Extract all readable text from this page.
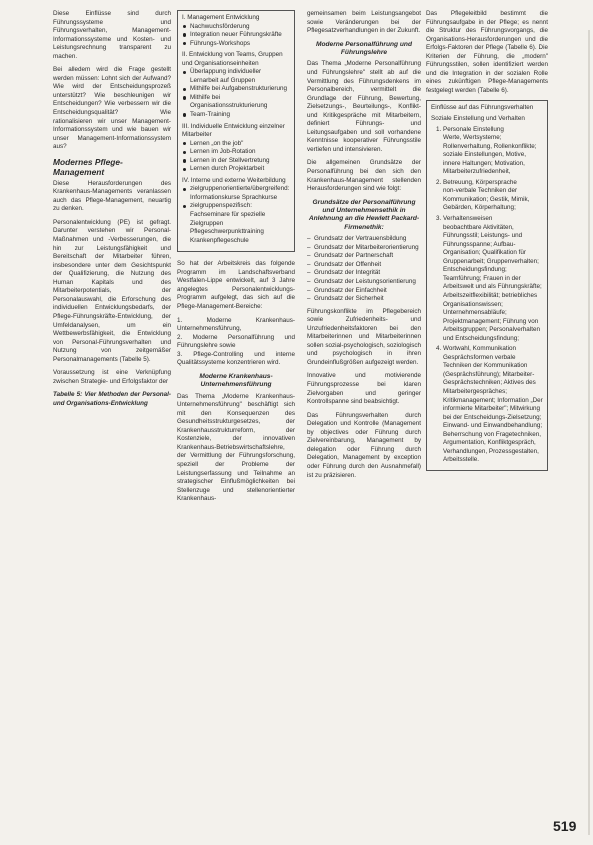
Diese Einflüsse sind durch Führungssysteme und Führungsverhalten, Management-Informationssysteme und Kosten- und Leistungsrechnung transparent zu machen.

Bei alledem wird die Frage gestellt werden müssen: Lohnt sich der Aufwand? Wie wird der Entscheidungsprozeß unterstützt? Wie beschleunigen wir Entscheidungen? Wie verbessern wir die Entscheidungsqualität? Wie rationalisieren wir unser Management-Informationssystem und wie bauen wir unser Management-Informationssystem aus?

Modernes Pflege-Management

Diese Herausforderungen des Krankenhaus-Managements veranlassen auch das Pflege-Management, neuartig zu denken.

Personalentwicklung (PE) ist gefragt. Darunter verstehen wir Personal-Maßnahmen und -Verbesserungen, die hin zur Leistungsfähigkeit und Bereitschaft der Mitarbeiter führen, insbesondere unter dem Gesichtspunkt der Qualifizierung, die Nutzung des Human Kapitals und des Mitarbeiterpotentials, der Personalauswahl, die Erforschung des individuellen Entwicklungsbedarfs, der Pflege-Führungskräfte-Entwicklung, der Umfeldanalysen, um ein Wettbewerbsfähigkeit, die Entwicklung von Personal-Führungsverhalten und Nutzung von zeitgemäßer Personalmanagements (Tabelle 5).

Voraussetzung ist eine Verknüpfung zwischen Strategie- und Erfolgsfaktor der

Tabelle 5: Vier Methoden der Personal- und Organisations-Entwicklung

I. Management Entwicklung
Nachwuchsförderung
Integration neuer Führungskräfte
Führungs-Workshops
II. Entwicklung von Teams, Gruppen und Organisationseinheiten
Überlappung individueller Lernarbeit auf Gruppen
Mithilfe bei Aufgabenstrukturierung
Mithilfe bei Organisationsstrukturierung
Team-Training
III. Individuelle Entwicklung einzelner Mitarbeiter
Lernen „on the job"
Lernen im Job-Rotation
Lernen in der Stellvertretung
Lernen durch Projektarbeit
IV. Interne und externe Weiterbildung
zielgruppenorientierte/übergreifend: Informationskurse Sprachkurse
zielgruppenspezifisch: Fachseminare für spezielle Zielgruppen Pflegeschwerpunkttraining Krankenpflegeschule

So hat der Arbeitskreis das folgende Programm im Landschaftsverband Westfalen-Lippe entwickelt, auf 3 Jahre angelegtes Personalentwicklungs-Programm aufgelegt, das sich auf die Pflege-Management-Bereiche:

1. Moderne Krankenhaus-Unternehmensführung,

2. Moderne Personalführung und Führungslehre sowie

3. Pflege-Controlling und interne Qualitätssysteme konzentrieren wird.

Moderne Krankenhaus-Unternehmensführung

Das Thema „Moderne Krankenhaus-Unternehmensführung" beschäftigt sich mit den Konsequenzen des Gesundheitsstrukturgesetzes, der Krankenhausstrukturreform, der Kostenziele, der innovativen Krankenhaus-Betriebswirtschaftslehre, der Vermittlung der Führungsforschung, speziell der Probleme der Leistungserfassung und Teilnahme an strategischer Einflußmöglichkeiten bei Stellenzuge und stellenorientierter Krankenhaus-

gemeinsamen beim Leistungsangebot sowie Veränderungen bei der Pflegesatzverhandlungen in der Zukunft.

Moderne Personalführung und Führungslehre

Das Thema „Moderne Personalführung und Führungslehre" stellt ab auf die Vermittlung des Führungsdenkens im Personalbereich, vermittelt die Grundlage der Führung, Bewertung, Zielsetzungs-, Beurteilungs-, Konflikt- und Kritikgespräche mit Mitarbeitern, definiert Führungs- und Leitungsaufgaben und soll vorhandene Kenntnisse kooperativer Führungsstile vertiefen und intensivieren.

Die allgemeinen Grundsätze der Personalführung bei den sich den Krankenhaus-Management stellenden Herausforderungen sind wie folgt:

Grundsätze der Personalführung und Unternehmensethik in Anlehnung an die Hewlett Packard-Firmenethik:
– Grundsatz der Vertrauensbildung
– Grundsatz der Mitarbeiterorientierung
– Grundsatz der Partnerschaft
– Grundsatz der Offenheit
– Grundsatz der Integrität
– Grundsatz der Leistungsorientierung
– Grundsatz der Einfachheit
– Grundsatz der Sicherheit

Führungskonflikte im Pflegebereich sowie Zufriedenheits- und Unzufriedenheitsfaktoren bei den Mitarbeiterinnen und Mitarbeiterinnen sollen sozial-psychologisch, soziologisch und psychologisch in ihren Grundeinflußgrößen aufgezeigt werden.

Innovative und motivierende Führungsprozesse bei klaren Zielvorgaben und geringer Kontrollspanne sind beabsichtigt.

Das Führungsverhalten durch Delegation und Kontrolle (Management by objectives oder Führung durch Zielvereinbarung, Management by delegation oder Führung durch Delegation, Management by exception oder Führung durch den Ausnahmefall) ist zu präzisieren.

Das Pflegeleitbild bestimmt die Führungsaufgabe in der Pflege; es nennt die Struktur des Führungsvorgangs, die Organisations-Herausforderungen und die Erfolgs-Faktoren der Pflege (Tabelle 6). Die Kriterien der Führung, die „modern" Führungsstilen, sollen identifiziert werden und die Integration in der sozialen Rolle eines zukünftigen Pflege-Managements festgelegt werden (Tabelle 6).

Einflüsse auf das Führungsverhalten
Soziale Einstellung und Verhalten
1. Personale Einstellung
Werte, Wertsysteme; Rollenverhaltung, Rollenkonflikte; soziale Einstellungen, Motive, innere Haltungen; Motivation, Mitarbeiterzufriedenheit,
2. Betreuung, Körpersprache
non-verbale Techniken der Kommunikation; Gestik, Mimik, Gebärden, Körperhaltung;
3. Verhaltensweisen
beobachtbare Aktivitäten, Führungsstil; Leistungs- und Führungsspanne; Aufbau-Organisation; Qualifikation für Gruppenarbeit; Gruppenverhalten; Entscheidungsfindung; Teamführung; Frauen in der Arbeitswelt und als Führungskräfte; Arbeitszeitflexibilität; betriebliches Organisationswissen; Unternehmensabläufe; Projektmanagement; Führung von Arbeitsgruppen; Personalverhalten und Entscheidungsfindung;
4. Wortwahl, Kommunikation
Gesprächsformen verbale Techniken der Kommunikation (Gesprächsführung); Mitarbeiter-Gesprächstechniken; Aktives des Mitarbeitergespräches; Kritikmanagement; Information „Der informierte Mitarbeiter"; Mitwirkung bei der Entscheidungs-Zielsetzung; Einwand- und Einwandbehandlung; Beherrschung von Fragetechniken, Argumentation, Konfliktgespräch, Verhandlungen, Prozessgestalten, Arbeitsstelle.
519
